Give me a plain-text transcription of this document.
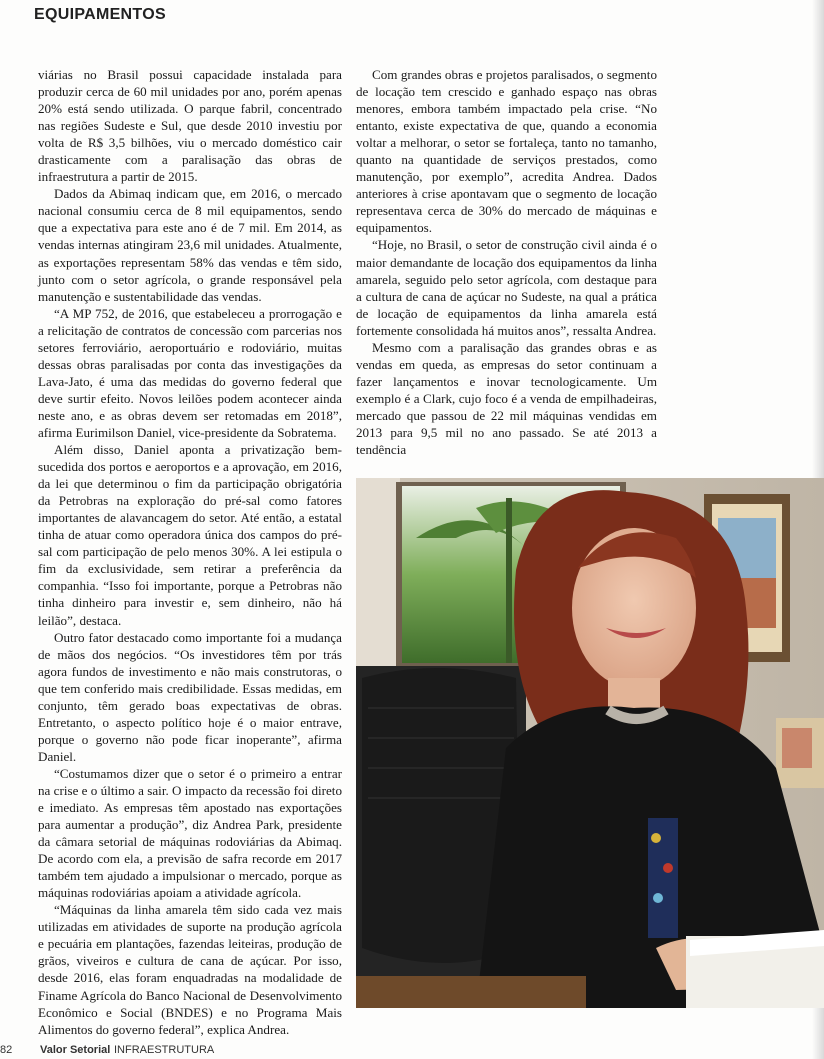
EQUIPAMENTOS

viárias no Brasil possui capacidade instalada para produzir cerca de 60 mil unidades por ano, porém apenas 20% está sendo utilizada. O parque fabril, concentrado nas regiões Sudeste e Sul, que desde 2010 investiu por volta de R$ 3,5 bilhões, viu o mercado doméstico cair drasticamente com a paralisação das obras de infraestrutura a partir de 2015.

Dados da Abimaq indicam que, em 2016, o mercado nacional consumiu cerca de 8 mil equipamentos, sendo que a expectativa para este ano é de 7 mil. Em 2014, as vendas internas atingiram 23,6 mil unidades. Atualmente, as exportações representam 58% das vendas e têm sido, junto com o setor agrícola, o grande responsável pela manutenção e sustentabilidade das vendas.

“A MP 752, de 2016, que estabeleceu a prorrogação e a relicitação de contratos de concessão com parcerias nos setores ferroviário, aeroportuário e rodoviário, muitas dessas obras paralisadas por conta das investigações da Lava-Jato, é uma das medidas do governo federal que deve surtir efeito. Novos leilões podem acontecer ainda neste ano, e as obras devem ser retomadas em 2018”, afirma Eurimilson Daniel, vice-presidente da Sobratema.

Além disso, Daniel aponta a privatização bem-sucedida dos portos e aeroportos e a aprovação, em 2016, da lei que determinou o fim da participação obrigatória da Petrobras na exploração do pré-sal como fatores importantes de alavancagem do setor. Até então, a estatal tinha de atuar como operadora única dos campos do pré-sal com participação de pelo menos 30%. A lei estipula o fim da exclusividade, sem retirar a preferência da companhia. “Isso foi importante, porque a Petrobras não tinha dinheiro para investir e, sem dinheiro, não há leilão”, destaca.

Outro fator destacado como importante foi a mudança de mãos dos negócios. “Os investidores têm por trás agora fundos de investimento e não mais construtoras, o que tem conferido mais credibilidade. Essas medidas, em conjunto, têm gerado boas expectativas de obras. Entretanto, o aspecto político hoje é o maior entrave, porque o governo não pode ficar inoperante”, afirma Daniel.

“Costumamos dizer que o setor é o primeiro a entrar na crise e o último a sair. O impacto da recessão foi direto e imediato. As empresas têm apostado nas exportações para aumentar a produção”, diz Andrea Park, presidente da câmara setorial de máquinas rodoviárias da Abimaq. De acordo com ela, a previsão de safra recorde em 2017 também tem ajudado a impulsionar o mercado, porque as máquinas rodoviárias apoiam a atividade agrícola.

“Máquinas da linha amarela têm sido cada vez mais utilizadas em atividades de suporte na produção agrícola e pecuária em plantações, fazendas leiteiras, produção de grãos, viveiros e cultura de cana de açúcar. Por isso, desde 2016, elas foram enquadradas na modalidade de Finame Agrícola do Banco Nacional de Desenvolvimento Econômico e Social (BNDES) e no Programa Mais Alimentos do governo federal”, explica Andrea.

Com grandes obras e projetos paralisados, o segmento de locação tem crescido e ganhado espaço nas obras menores, embora também impactado pela crise. “No entanto, existe expectativa de que, quando a economia voltar a melhorar, o setor se fortaleça, tanto no tamanho, quanto na quantidade de serviços prestados, como manutenção, por exemplo”, acredita Andrea. Dados anteriores à crise apontavam que o segmento de locação representava cerca de 30% do mercado de máquinas e equipamentos.

“Hoje, no Brasil, o setor de construção civil ainda é o maior demandante de locação dos equipamentos da linha amarela, seguido pelo setor agrícola, com destaque para a cultura de cana de açúcar no Sudeste, na qual a prática de locação de equipamentos da linha amarela está fortemente consolidada há muitos anos”, ressalta Andrea.

Mesmo com a paralisação das grandes obras e as vendas em queda, as empresas do setor continuam a fazer lançamentos e inovar tecnologicamente. Um exemplo é a Clark, cujo foco é a venda de empilhadeiras, mercado que passou de 22 mil máquinas vendidas em 2013 para 9,5 mil no ano passado. Se até 2013 a tendência

82	Valor Setorial INFRAESTRUTURA
